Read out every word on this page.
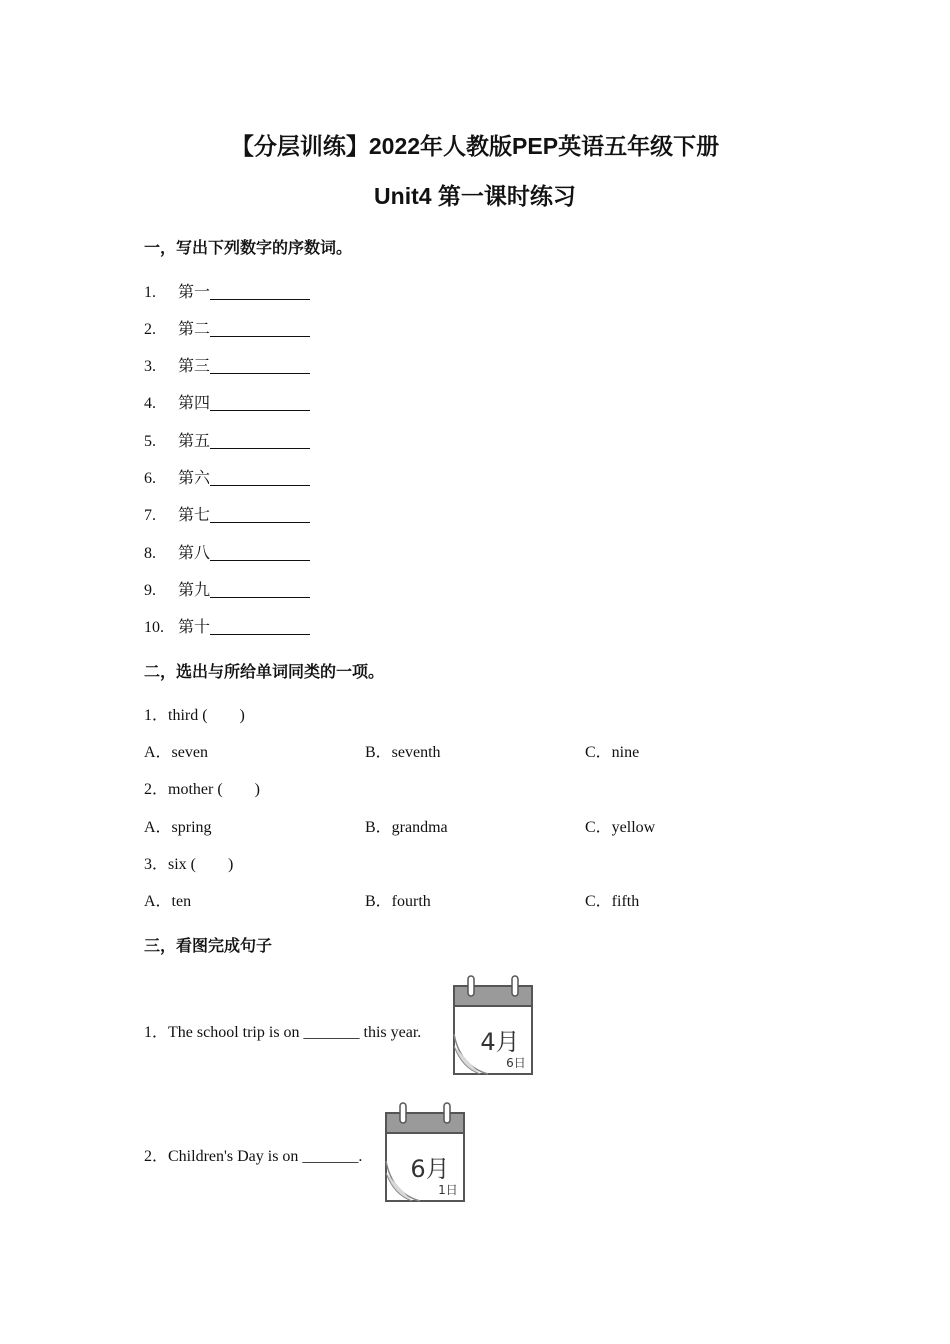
【分层训练】2022年人教版PEP英语五年级下册
Unit4 第一课时练习
一，写出下列数字的序数词。
1. 第一
2. 第二
3. 第三
4. 第四
5. 第五
6. 第六
7. 第七
8. 第八
9. 第九
10. 第十
二，选出与所给单词同类的一项。
1．third (　　)
A．seven	B．seventh	C．nine
2．mother (　　)
A．spring	B．grandma	C．yellow
3．six (　　)
A．ten	B．fourth	C．fifth
三，看图完成句子
1．The school trip is on _______ this year. 4月
6日
2．Children's Day is on _______. 6月
1日
